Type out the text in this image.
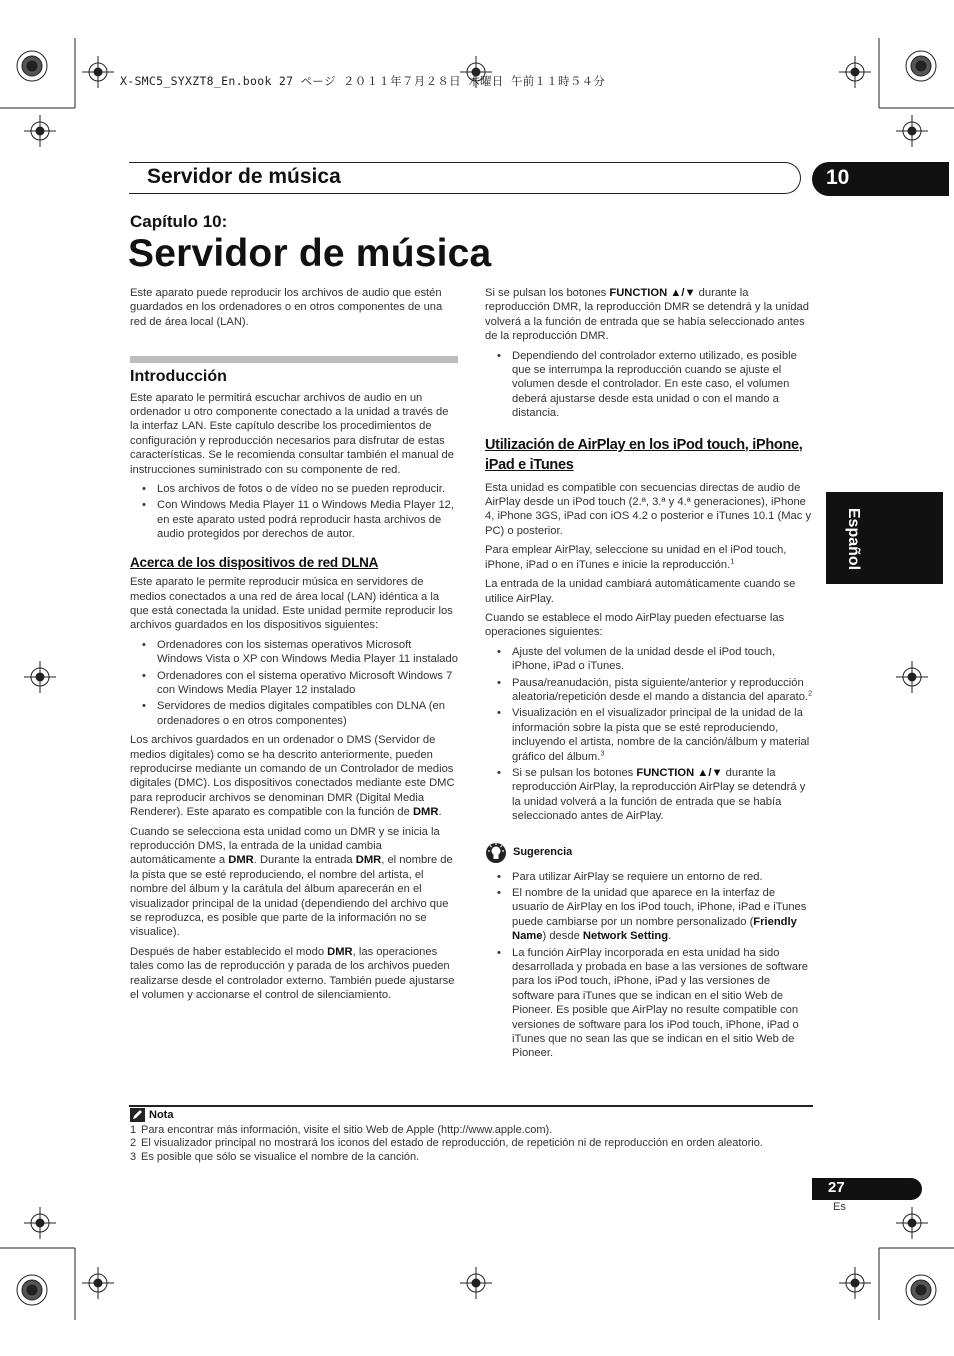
X-SMC5_SYXZT8_En.book 27 ページ ２０１１年７月２８日 木曜日 午前１１時５４分
Servidor de música	10
Capítulo 10:
Servidor de música
Español

Este aparato puede reproducir los archivos de audio que estén guardados en los ordenadores o en otros componentes de una red de área local (LAN).

Introducción

Este aparato le permitirá escuchar archivos de audio en un ordenador u otro componente conectado a la unidad a través de la interfaz LAN. Este capítulo describe los procedimientos de configuración y reproducción necesarios para disfrutar de estas características. Se le recomienda consultar también el manual de instrucciones suministrado con su componente de red.

• Los archivos de fotos o de vídeo no se pueden reproducir.
• Con Windows Media Player 11 o Windows Media Player 12, en este aparato usted podrá reproducir hasta archivos de audio protegidos por derechos de autor.
Acerca de los dispositivos de red DLNA

Este aparato le permite reproducir música en servidores de medios conectados a una red de área local (LAN) idéntica a la que está conectada la unidad. Este unidad permite reproducir los archivos guardados en los dispositivos siguientes:

• Ordenadores con los sistemas operativos Microsoft Windows Vista o XP con Windows Media Player 11 instalado
• Ordenadores con el sistema operativo Microsoft Windows 7 con Windows Media Player 12 instalado
• Servidores de medios digitales compatibles con DLNA (en ordenadores o en otros componentes)

Los archivos guardados en un ordenador o DMS (Servidor de medios digitales) como se ha descrito anteriormente, pueden reproducirse mediante un comando de un Controlador de medios digitales (DMC). Los dispositivos conectados mediante este DMC para reproducir archivos se denominan DMR (Digital Media Renderer). Este aparato es compatible con la función de DMR.

Cuando se selecciona esta unidad como un DMR y se inicia la reproducción DMS, la entrada de la unidad cambia automáticamente a DMR. Durante la entrada DMR, el nombre de la pista que se esté reproduciendo, el nombre del artista, el nombre del álbum y la carátula del álbum aparecerán en el visualizador principal de la unidad (dependiendo del archivo que se reproduzca, es posible que parte de la información no se visualice).

Después de haber establecido el modo DMR, las operaciones tales como las de reproducción y parada de los archivos pueden realizarse desde el controlador externo. También puede ajustarse el volumen y accionarse el control de silenciamiento.

Si se pulsan los botones FUNCTION ▲/▼ durante la reproducción DMR, la reproducción DMR se detendrá y la unidad volverá a la función de entrada que se había seleccionado antes de la reproducción DMR.

• Dependiendo del controlador externo utilizado, es posible que se interrumpa la reproducción cuando se ajuste el volumen desde el controlador. En este caso, el volumen deberá ajustarse desde esta unidad o con el mando a distancia.
Utilización de AirPlay en los iPod touch, iPhone, iPad e iTunes

Esta unidad es compatible con secuencias directas de audio de AirPlay desde un iPod touch (2.ª, 3.ª y 4.ª generaciones), iPhone 4, iPhone 3GS, iPad con iOS 4.2 o posterior e iTunes 10.1 (Mac y PC) o posterior.

Para emplear AirPlay, seleccione su unidad en el iPod touch, iPhone, iPad o en iTunes e inicie la reproducción.$^1$

La entrada de la unidad cambiará automáticamente cuando se utilice AirPlay.

Cuando se establece el modo AirPlay pueden efectuarse las operaciones siguientes:

• Ajuste del volumen de la unidad desde el iPod touch, iPhone, iPad o iTunes.
• Pausa/reanudación, pista siguiente/anterior y reproducción aleatoria/repetición desde el mando a distancia del aparato.$^2$
• Visualización en el visualizador principal de la unidad de la información sobre la pista que se esté reproduciendo, incluyendo el artista, nombre de la canción/álbum y material gráfico del álbum.$^3$
• Si se pulsan los botones FUNCTION ▲/▼ durante la reproducción AirPlay, la reproducción AirPlay se detendrá y la unidad volverá a la función de entrada que se había seleccionado antes de AirPlay.
Sugerencia
• Para utilizar AirPlay se requiere un entorno de red.
• El nombre de la unidad que aparece en la interfaz de usuario de AirPlay en los iPod touch, iPhone, iPad e iTunes puede cambiarse por un nombre personalizado (Friendly Name) desde Network Setting.
• La función AirPlay incorporada en esta unidad ha sido desarrollada y probada en base a las versiones de software para los iPod touch, iPhone, iPad y las versiones de software para iTunes que se indican en el sitio Web de Pioneer. Es posible que AirPlay no resulte compatible con versiones de software para los iPod touch, iPhone, iPad o iTunes que no sean las que se indican en el sitio Web de Pioneer.
Nota
1 Para encontrar más información, visite el sitio Web de Apple (http://www.apple.com).
2 El visualizador principal no mostrará los iconos del estado de reproducción, de repetición ni de reproducción en orden aleatorio.
3 Es posible que sólo se visualice el nombre de la canción.
27
Es
